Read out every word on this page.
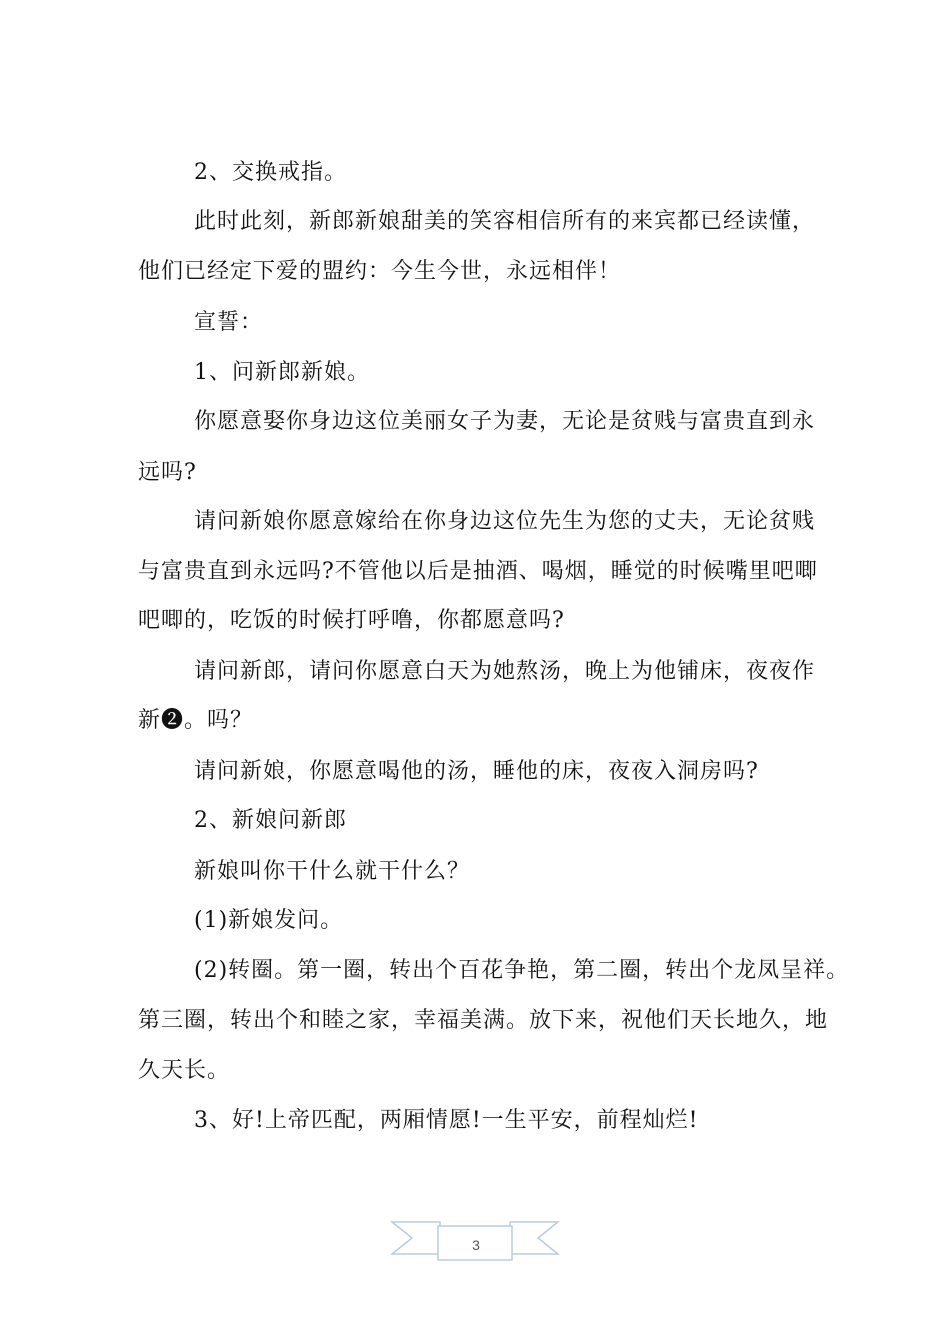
2、交换戒指。
此时此刻，新郎新娘甜美的笑容相信所有的来宾都已经读懂，
他们已经定下爱的盟约：今生今世，永远相伴！
宣誓：
1、问新郎新娘。
你愿意娶你身边这位美丽女子为妻，无论是贫贱与富贵直到永
远吗?
请问新娘你愿意嫁给在你身边这位先生为您的丈夫，无论贫贱
与富贵直到永远吗?不管他以后是抽酒、喝烟，睡觉的时候嘴里吧唧
吧唧的，吃饭的时候打呼噜，你都愿意吗?
请问新郎，请问你愿意白天为她熬汤，晚上为他铺床，夜夜作
新❷。吗？
请问新娘，你愿意喝他的汤，睡他的床，夜夜入洞房吗?
2、新娘问新郎
新娘叫你干什么就干什么？
(1)新娘发问。
(2)转圈。第一圈，转出个百花争艳，第二圈，转出个龙凤呈祥。
第三圈，转出个和睦之家，幸福美满。放下来，祝他们天长地久，地
久天长。
3、好!上帝匹配，两厢情愿!一生平安，前程灿烂!
3
